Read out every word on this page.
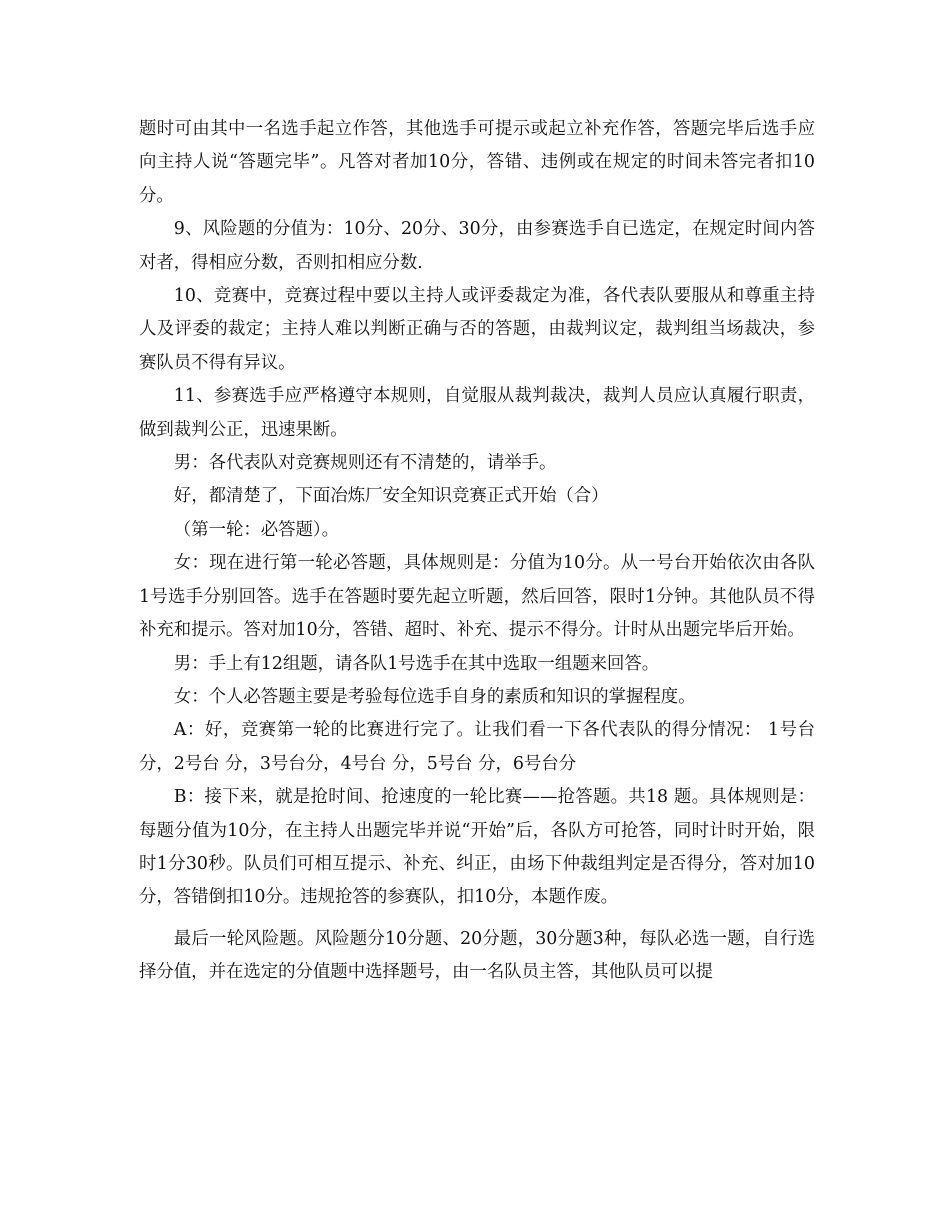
题时可由其中一名选手起立作答，其他选手可提示或起立补充作答，答题完毕后选手应向主持人说“答题完毕”。凡答对者加10分，答错、违例或在规定的时间未答完者扣10分。

9、风险题的分值为：10分、20分、30分，由参赛选手自已选定，在规定时间内答对者，得相应分数，否则扣相应分数.

10、竞赛中，竞赛过程中要以主持人或评委裁定为准，各代表队要服从和尊重主持人及评委的裁定；主持人难以判断正确与否的答题，由裁判议定，裁判组当场裁决，参赛队员不得有异议。

11、参赛选手应严格遵守本规则，自觉服从裁判裁决，裁判人员应认真履行职责，做到裁判公正，迅速果断。

男：各代表队对竞赛规则还有不清楚的，请举手。

好，都清楚了，下面冶炼厂安全知识竞赛正式开始（合）

（第一轮：必答题）。

女：现在进行第一轮必答题，具体规则是：分值为10分。从一号台开始依次由各队1号选手分别回答。选手在答题时要先起立听题，然后回答，限时1分钟。其他队员不得补充和提示。答对加10分，答错、超时、补充、提示不得分。计时从出题完毕后开始。

男：手上有12组题，请各队1号选手在其中选取一组题来回答。

女：个人必答题主要是考验每位选手自身的素质和知识的掌握程度。

A：好，竞赛第一轮的比赛进行完了。让我们看一下各代表队的得分情况： 1号台 分，2号台 分，3号台分，4号台 分，5号台 分，6号台分

B：接下来，就是抢时间、抢速度的一轮比赛——抢答题。共18 题。具体规则是：每题分值为10分，在主持人出题完毕并说“开始”后，各队方可抢答，同时计时开始，限时1分30秒。队员们可相互提示、补充、纠正，由场下仲裁组判定是否得分，答对加10分，答错倒扣10分。违规抢答的参赛队，扣10分，本题作废。

最后一轮风险题。风险题分10分题、20分题，30分题3种，每队必选一题，自行选择分值，并在选定的分值题中选择题号，由一名队员主答，其他队员可以提
